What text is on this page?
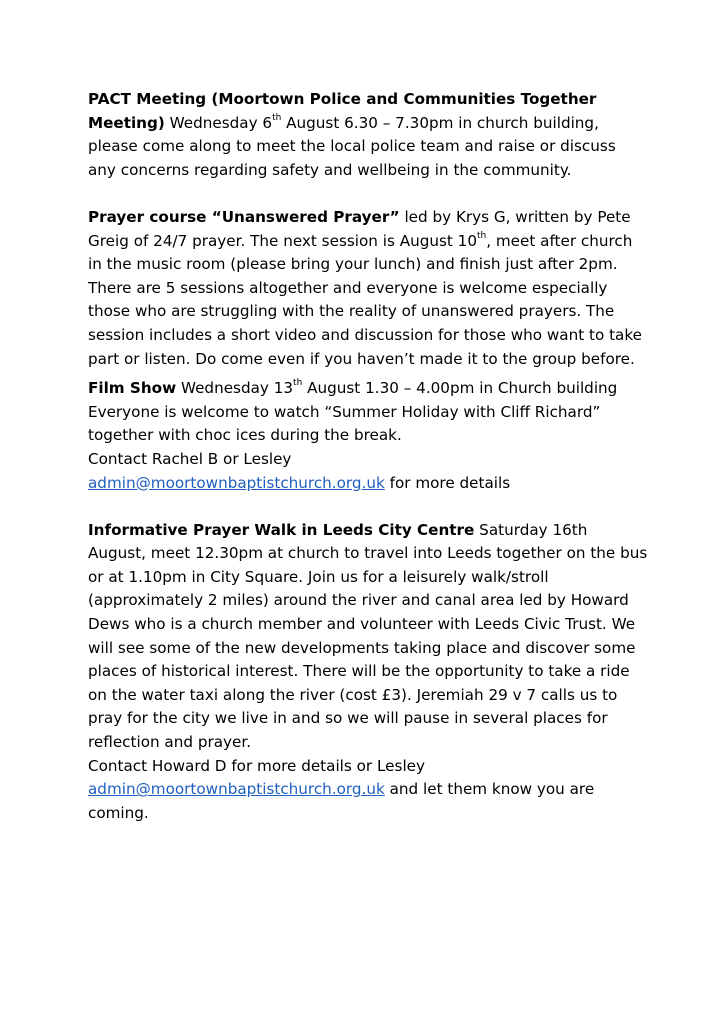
PACT Meeting (Moortown Police and Communities Together Meeting) Wednesday 6th August 6.30 – 7.30pm in church building, please come along to meet the local police team and raise or discuss any concerns regarding safety and wellbeing in the community.

Prayer course “Unanswered Prayer” led by Krys G, written by Pete Greig of 24/7 prayer. The next session is August 10th, meet after church in the music room (please bring your lunch) and finish just after 2pm. There are 5 sessions altogether and everyone is welcome especially those who are struggling with the reality of unanswered prayers. The session includes a short video and discussion for those who want to take part or listen. Do come even if you haven’t made it to the group before.

Film Show Wednesday 13th August 1.30 – 4.00pm in Church building

Everyone is welcome to watch “Summer Holiday with Cliff Richard” together with choc ices during the break.

Contact Rachel B or Lesley

admin@moortownbaptistchurch.org.uk for more details

Informative Prayer Walk in Leeds City Centre Saturday 16th August, meet 12.30pm at church to travel into Leeds together on the bus or at 1.10pm in City Square. Join us for a leisurely walk/stroll (approximately 2 miles) around the river and canal area led by Howard Dews who is a church member and volunteer with Leeds Civic Trust. We will see some of the new developments taking place and discover some places of historical interest. There will be the opportunity to take a ride on the water taxi along the river (cost £3). Jeremiah 29 v 7 calls us to pray for the city we live in and so we will pause in several places for reflection and prayer.

Contact Howard D for more details or Lesley

admin@moortownbaptistchurch.org.uk and let them know you are coming.
